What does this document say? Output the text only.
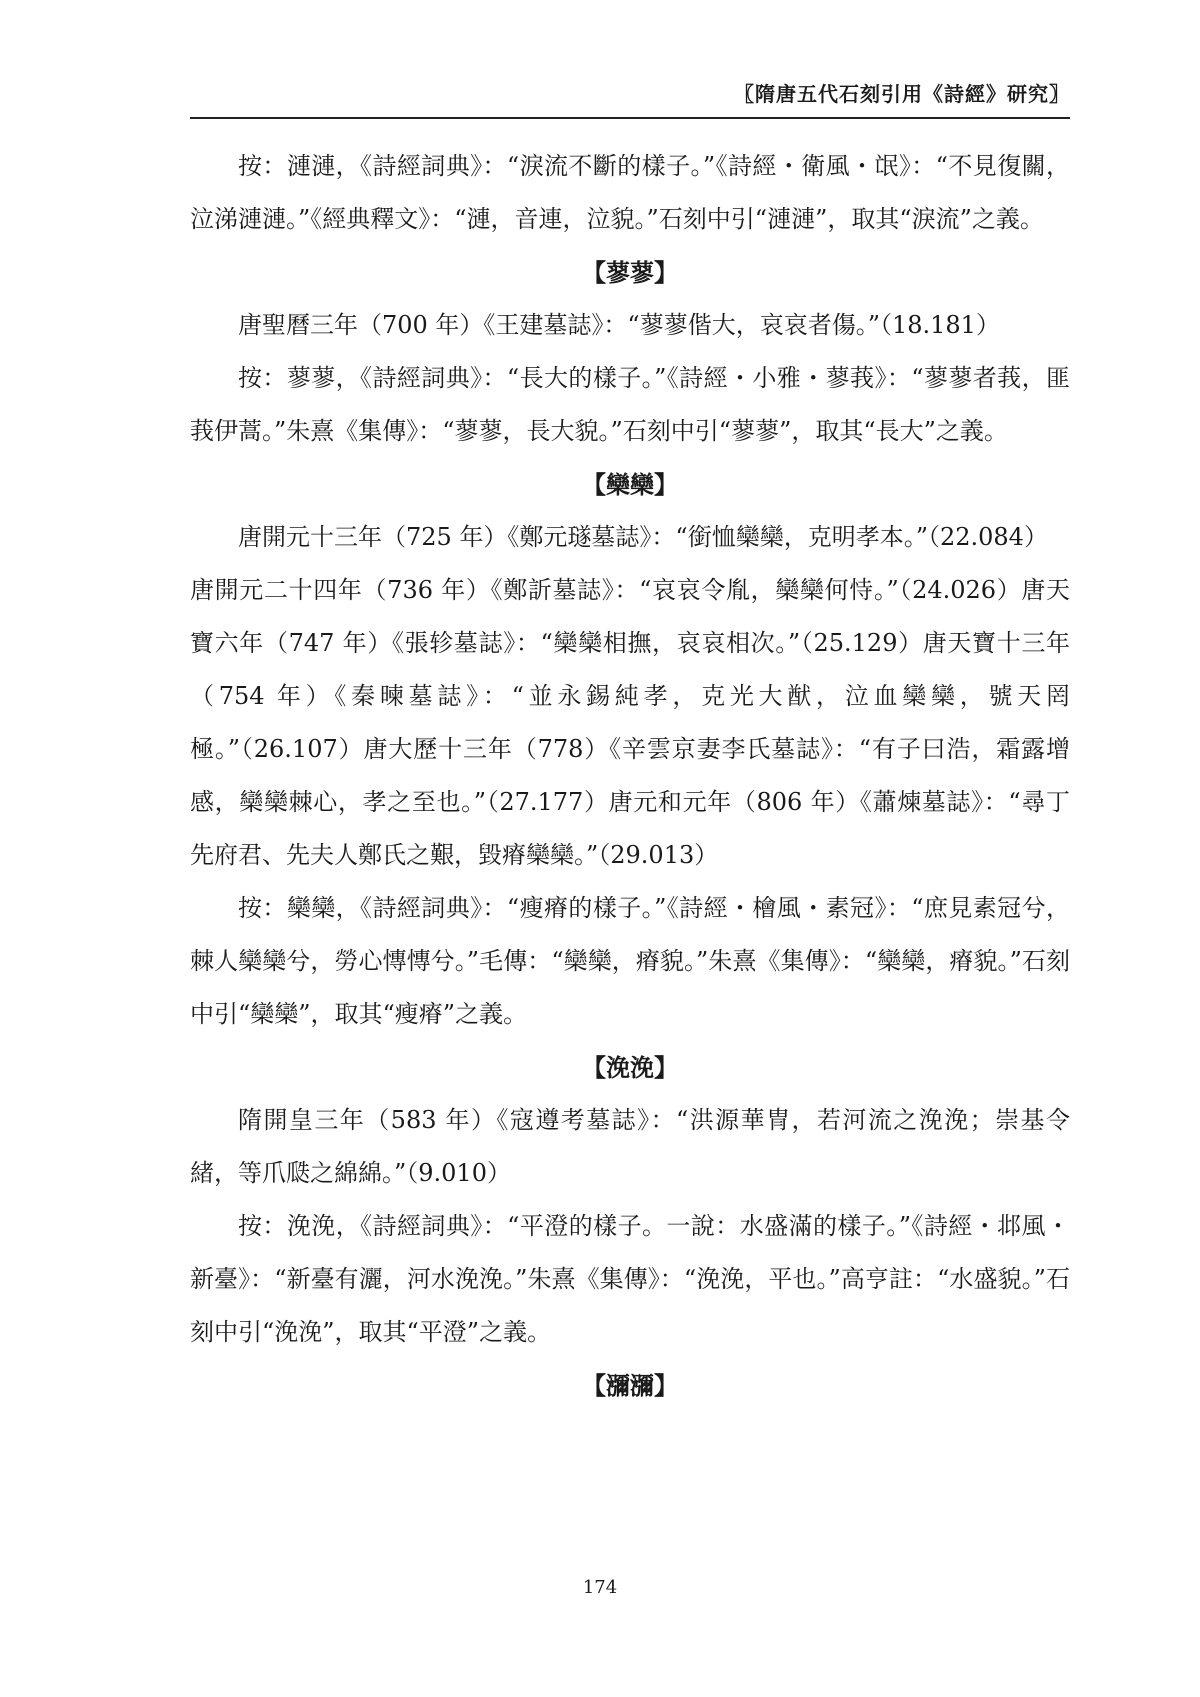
〖隋唐五代石刻引用《詩經》研究〗

按：漣漣，《詩經詞典》：“淚流不斷的樣子。”《詩經・衛風・氓》：“不見復關，泣涕漣漣。”《經典釋文》：“漣，音連，泣貌。”石刻中引“漣漣”，取其“淚流”之義。

【蓼蓼】

唐聖曆三年（700 年）《王建墓誌》：“蓼蓼偕大，哀哀者傷。”（18.181）

按：蓼蓼，《詩經詞典》：“長大的樣子。”《詩經・小雅・蓼莪》：“蓼蓼者莪，匪莪伊蒿。”朱熹《集傳》：“蓼蓼，長大貌。”石刻中引“蓼蓼”，取其“長大”之義。

【欒欒】

唐開元十三年（725 年）《鄭元璲墓誌》：“銜恤欒欒，克明孝本。”（22.084）

唐開元二十四年（736 年）《鄭訢墓誌》：“哀哀令胤，欒欒何恃。”（24.026）唐天寶六年（747 年）《張轸墓誌》：“欒欒相撫，哀哀相次。”（25.129）唐天寶十三年（754 年）《秦暕墓誌》：“並永錫純孝，克光大猷，泣血欒欒，號天罔極。”（26.107）唐大歷十三年（778）《辛雲京妻李氏墓誌》：“有子曰浩，霜露增感，欒欒棘心，孝之至也。”（27.177）唐元和元年（806 年）《蕭煉墓誌》：“尋丁先府君、先夫人鄭氏之艱，毀瘠欒欒。”（29.013）

按：欒欒，《詩經詞典》：“瘦瘠的樣子。”《詩經・檜風・素冠》：“庶見素冠兮，棘人欒欒兮，勞心慱慱兮。”毛傳：“欒欒，瘠貌。”朱熹《集傳》：“欒欒，瘠貌。”石刻中引“欒欒”，取其“瘦瘠”之義。

【浼浼】

隋開皇三年（583 年）《寇遵考墓誌》：“洪源華冑，若河流之浼浼；崇基令緒，等爪瓞之綿綿。”（9.010）

按：浼浼，《詩經詞典》：“平澄的樣子。一說：水盛滿的樣子。”《詩經・邶風・新臺》：“新臺有灑，河水浼浼。”朱熹《集傳》：“浼浼，平也。”高亨註：“水盛貌。”石刻中引“浼浼”，取其“平澄”之義。

【瀰瀰】

174
